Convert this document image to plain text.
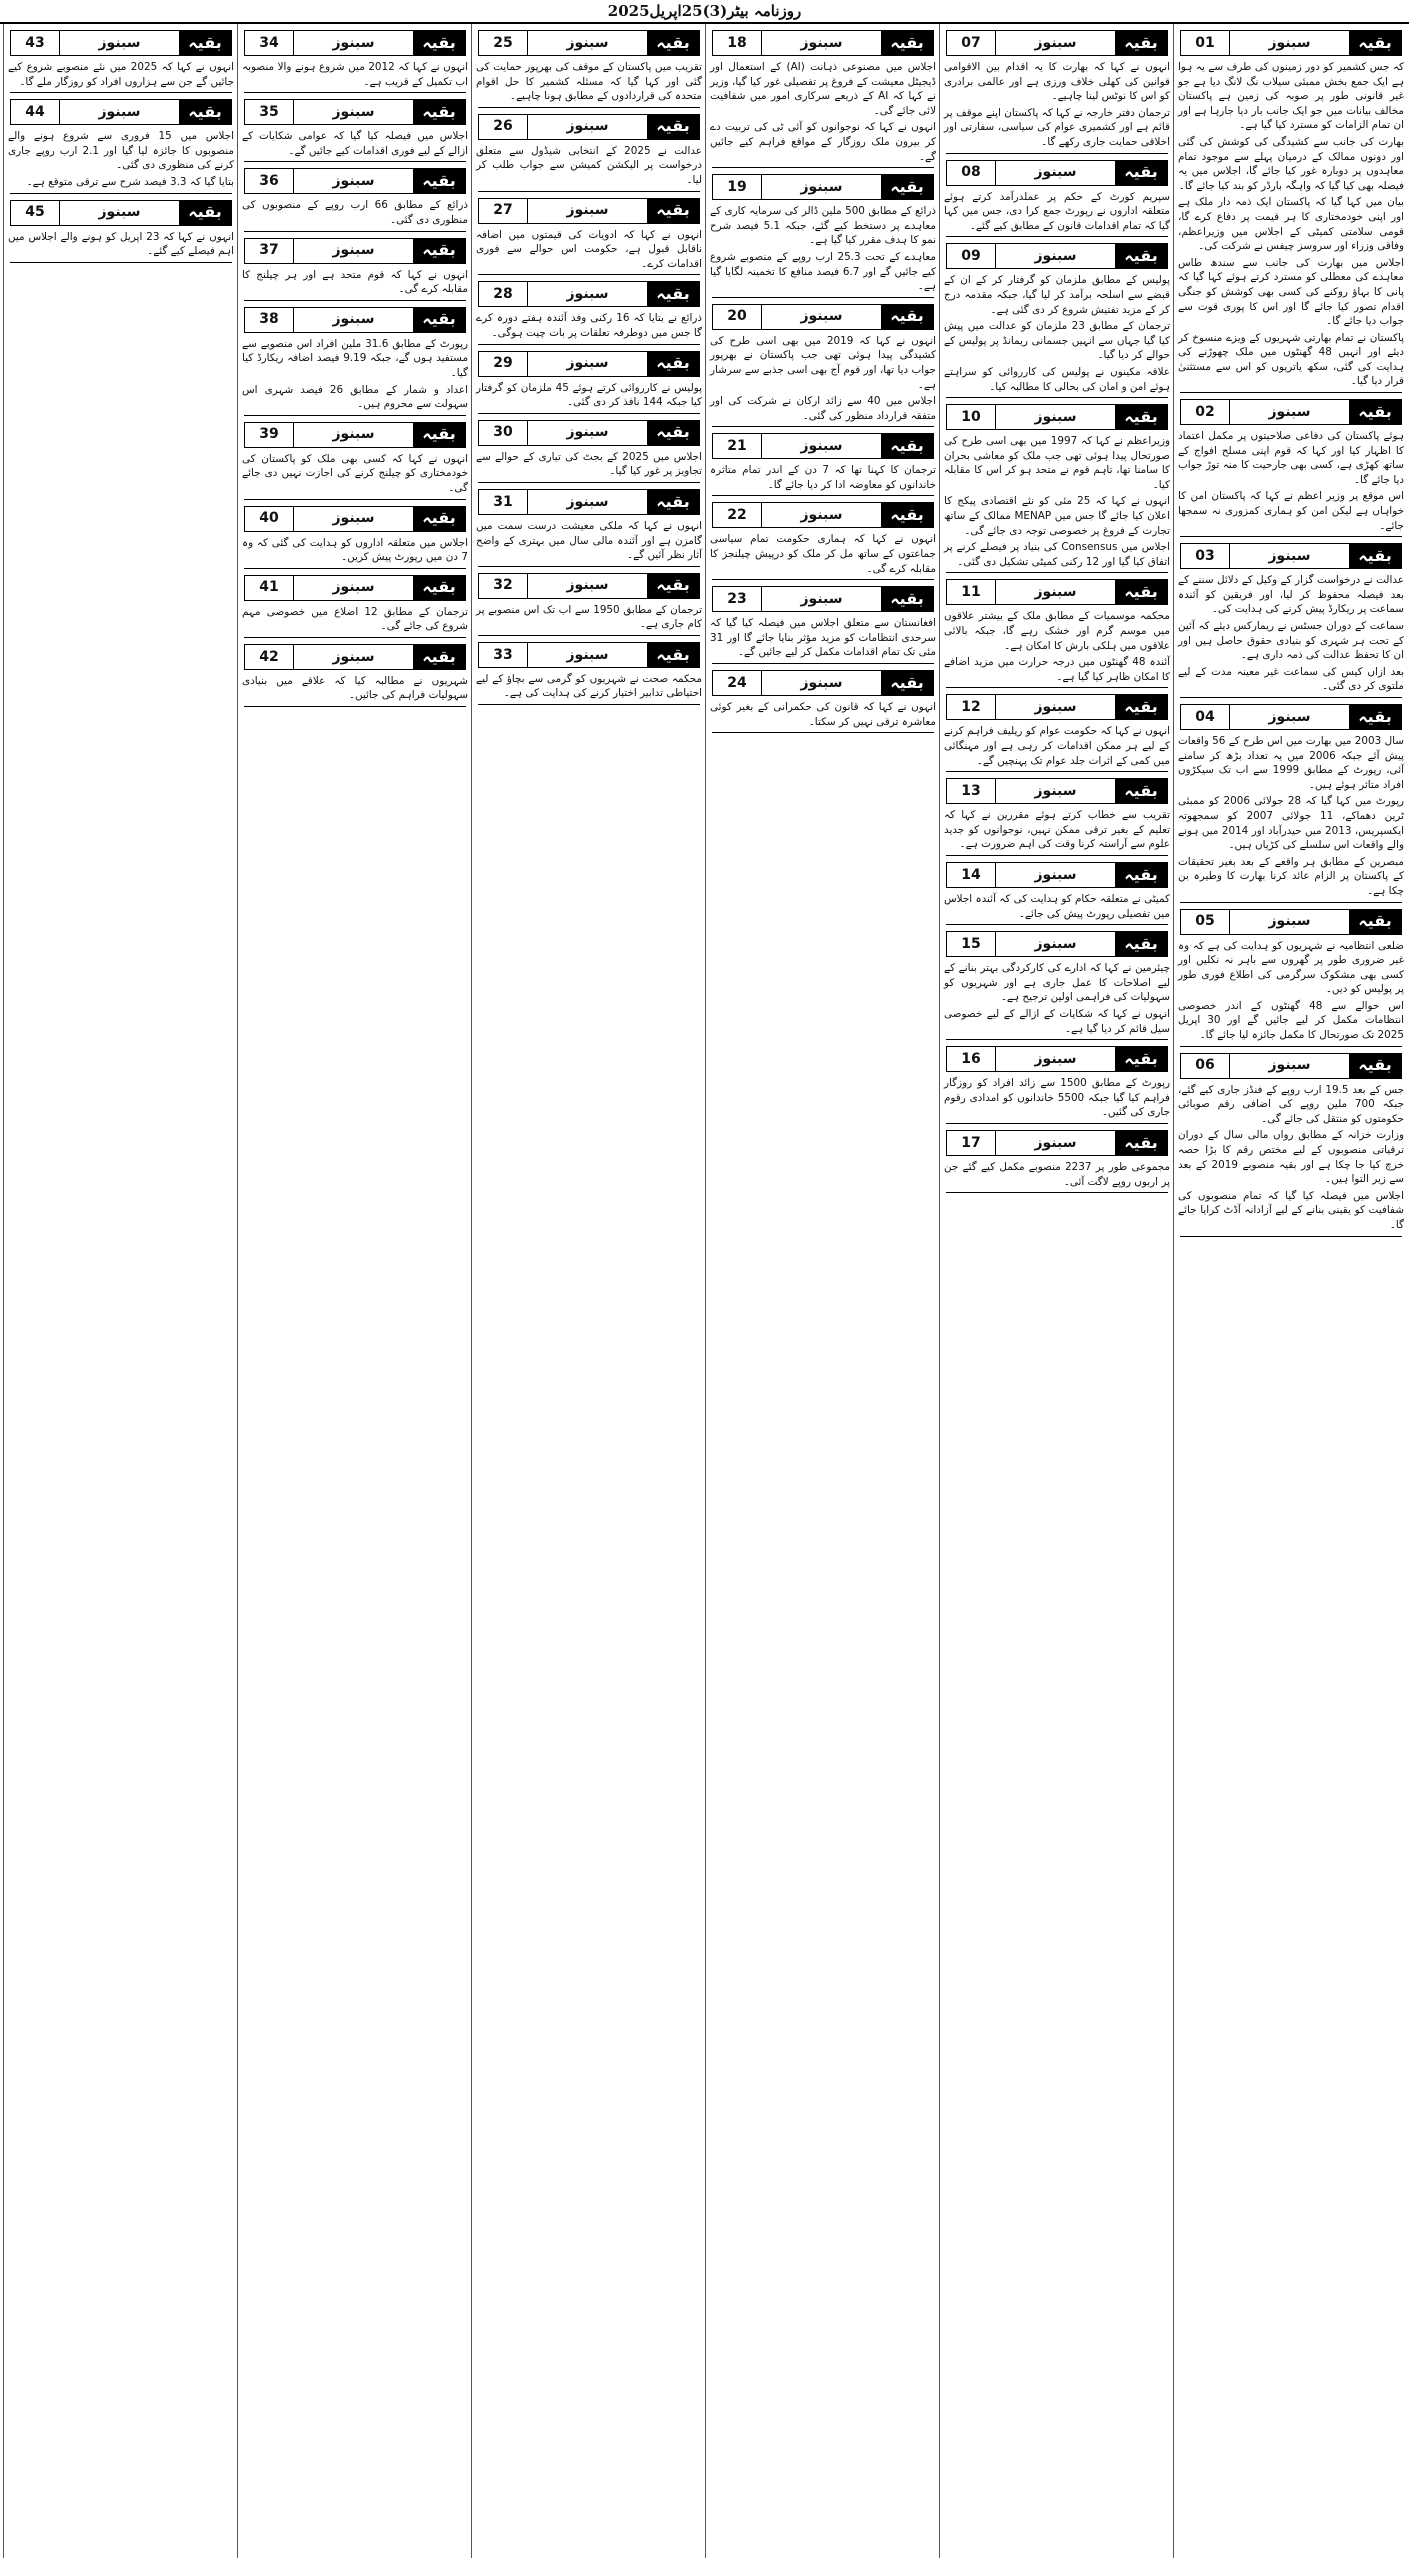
روزنامہ بیٹر(3)25اپریل2025
01	سبنوز	بقیہ

کہ جس کشمیر کو دور زمینوں کی طرف سے یہ ہوا ہے ایک جمع بخش ممبئی سیلاب نگ لانگ دیا ہے جو غیر قانونی طور پر صوبہ کی زمین ہے پاکستان مخالف بیانات میں جو ایک جانب بار دیا جارہا ہے اور ان تمام الزامات کو مسترد کیا گیا ہے۔

بھارت کی جانب سے کشیدگی کی کوشش کی گئی اور دونوں ممالک کے درمیان پہلے سے موجود تمام معاہدوں پر دوبارہ غور کیا جائے گا، اجلاس میں یہ فیصلہ بھی کیا گیا کہ واہگہ بارڈر کو بند کیا جائے گا۔

بیان میں کہا گیا کہ پاکستان ایک ذمہ دار ملک ہے اور اپنی خودمختاری کا ہر قیمت پر دفاع کرے گا، قومی سلامتی کمیٹی کے اجلاس میں وزیراعظم، وفاقی وزراء اور سروسز چیفس نے شرکت کی۔

اجلاس میں بھارت کی جانب سے سندھ طاس معاہدے کی معطلی کو مسترد کرتے ہوئے کہا گیا کہ پانی کا بہاؤ روکنے کی کسی بھی کوشش کو جنگی اقدام تصور کیا جائے گا اور اس کا پوری قوت سے جواب دیا جائے گا۔

پاکستان نے تمام بھارتی شہریوں کے ویزے منسوخ کر دیئے اور انہیں 48 گھنٹوں میں ملک چھوڑنے کی ہدایت کی گئی، سکھ یاتریوں کو اس سے مستثنیٰ قرار دیا گیا۔

02	سبنوز	بقیہ

ہوئے پاکستان کی دفاعی صلاحیتوں پر مکمل اعتماد کا اظہار کیا اور کہا کہ قوم اپنی مسلح افواج کے ساتھ کھڑی ہے، کسی بھی جارحیت کا منہ توڑ جواب دیا جائے گا۔

اس موقع پر وزیر اعظم نے کہا کہ پاکستان امن کا خواہاں ہے لیکن امن کو ہماری کمزوری نہ سمجھا جائے۔

03	سبنوز	بقیہ

عدالت نے درخواست گزار کے وکیل کے دلائل سننے کے بعد فیصلہ محفوظ کر لیا، اور فریقین کو آئندہ سماعت پر ریکارڈ پیش کرنے کی ہدایت کی۔

سماعت کے دوران جسٹس نے ریمارکس دیئے کہ آئین کے تحت ہر شہری کو بنیادی حقوق حاصل ہیں اور ان کا تحفظ عدالت کی ذمہ داری ہے۔

بعد ازاں کیس کی سماعت غیر معینہ مدت کے لیے ملتوی کر دی گئی۔

04	سبنوز	بقیہ

سال 2003 میں بھارت میں اس طرح کے 56 واقعات پیش آئے جبکہ 2006 میں یہ تعداد بڑھ کر سامنے آئی، رپورٹ کے مطابق 1999 سے اب تک سیکڑوں افراد متاثر ہوئے ہیں۔

رپورٹ میں کہا گیا کہ 28 جولائی 2006 کو ممبئی ٹرین دھماکے، 11 جولائی 2007 کو سمجھوتہ ایکسپریس، 2013 میں حیدرآباد اور 2014 میں ہونے والے واقعات اس سلسلے کی کڑیاں ہیں۔

مبصرین کے مطابق ہر واقعے کے بعد بغیر تحقیقات کے پاکستان پر الزام عائد کرنا بھارت کا وطیرہ بن چکا ہے۔

05	سبنوز	بقیہ

ضلعی انتظامیہ نے شہریوں کو ہدایت کی ہے کہ وہ غیر ضروری طور پر گھروں سے باہر نہ نکلیں اور کسی بھی مشکوک سرگرمی کی اطلاع فوری طور پر پولیس کو دیں۔

اس حوالے سے 48 گھنٹوں کے اندر خصوصی انتظامات مکمل کر لیے جائیں گے اور 30 اپریل 2025 تک صورتحال کا مکمل جائزہ لیا جائے گا۔

06	سبنوز	بقیہ

جس کے بعد 19.5 ارب روپے کے فنڈز جاری کیے گئے، جبکہ 700 ملین روپے کی اضافی رقم صوبائی حکومتوں کو منتقل کی جائے گی۔

وزارت خزانہ کے مطابق رواں مالی سال کے دوران ترقیاتی منصوبوں کے لیے مختص رقم کا بڑا حصہ خرچ کیا جا چکا ہے اور بقیہ منصوبے 2019 کے بعد سے زیر التوا ہیں۔

اجلاس میں فیصلہ کیا گیا کہ تمام منصوبوں کی شفافیت کو یقینی بنانے کے لیے آزادانہ آڈٹ کرایا جائے گا۔

07	سبنوز	بقیہ

انہوں نے کہا کہ بھارت کا یہ اقدام بین الاقوامی قوانین کی کھلی خلاف ورزی ہے اور عالمی برادری کو اس کا نوٹس لینا چاہیے۔

ترجمان دفتر خارجہ نے کہا کہ پاکستان اپنے موقف پر قائم ہے اور کشمیری عوام کی سیاسی، سفارتی اور اخلاقی حمایت جاری رکھے گا۔

08	سبنوز	بقیہ

سپریم کورٹ کے حکم پر عملدرآمد کرتے ہوئے متعلقہ اداروں نے رپورٹ جمع کرا دی، جس میں کہا گیا کہ تمام اقدامات قانون کے مطابق کیے گئے۔

09	سبنوز	بقیہ

پولیس کے مطابق ملزمان کو گرفتار کر کے ان کے قبضے سے اسلحہ برآمد کر لیا گیا، جبکہ مقدمہ درج کر کے مزید تفتیش شروع کر دی گئی ہے۔

ترجمان کے مطابق 23 ملزمان کو عدالت میں پیش کیا گیا جہاں سے انہیں جسمانی ریمانڈ پر پولیس کے حوالے کر دیا گیا۔

علاقہ مکینوں نے پولیس کی کارروائی کو سراہتے ہوئے امن و امان کی بحالی کا مطالبہ کیا۔

10	سبنوز	بقیہ

وزیراعظم نے کہا کہ 1997 میں بھی اسی طرح کی صورتحال پیدا ہوئی تھی جب ملک کو معاشی بحران کا سامنا تھا، تاہم قوم نے متحد ہو کر اس کا مقابلہ کیا۔

انہوں نے کہا کہ 25 مئی کو نئے اقتصادی پیکج کا اعلان کیا جائے گا جس میں MENAP ممالک کے ساتھ تجارت کے فروغ پر خصوصی توجہ دی جائے گی۔

اجلاس میں Consensus کی بنیاد پر فیصلے کرنے پر اتفاق کیا گیا اور 12 رکنی کمیٹی تشکیل دی گئی۔

11	سبنوز	بقیہ

محکمہ موسمیات کے مطابق ملک کے بیشتر علاقوں میں موسم گرم اور خشک رہے گا، جبکہ بالائی علاقوں میں ہلکی بارش کا امکان ہے۔

آئندہ 48 گھنٹوں میں درجہ حرارت میں مزید اضافے کا امکان ظاہر کیا گیا ہے۔

12	سبنوز	بقیہ

انہوں نے کہا کہ حکومت عوام کو ریلیف فراہم کرنے کے لیے ہر ممکن اقدامات کر رہی ہے اور مہنگائی میں کمی کے اثرات جلد عوام تک پہنچیں گے۔

13	سبنوز	بقیہ

تقریب سے خطاب کرتے ہوئے مقررین نے کہا کہ تعلیم کے بغیر ترقی ممکن نہیں، نوجوانوں کو جدید علوم سے آراستہ کرنا وقت کی اہم ضرورت ہے۔

14	سبنوز	بقیہ

کمیٹی نے متعلقہ حکام کو ہدایت کی کہ آئندہ اجلاس میں تفصیلی رپورٹ پیش کی جائے۔

15	سبنوز	بقیہ

چیئرمین نے کہا کہ ادارے کی کارکردگی بہتر بنانے کے لیے اصلاحات کا عمل جاری ہے اور شہریوں کو سہولیات کی فراہمی اولین ترجیح ہے۔

انہوں نے کہا کہ شکایات کے ازالے کے لیے خصوصی سیل قائم کر دیا گیا ہے۔

16	سبنوز	بقیہ

رپورٹ کے مطابق 1500 سے زائد افراد کو روزگار فراہم کیا گیا جبکہ 5500 خاندانوں کو امدادی رقوم جاری کی گئیں۔

17	سبنوز	بقیہ

مجموعی طور پر 2237 منصوبے مکمل کیے گئے جن پر اربوں روپے لاگت آئی۔

18	سبنوز	بقیہ

اجلاس میں مصنوعی ذہانت (AI) کے استعمال اور ڈیجیٹل معیشت کے فروغ پر تفصیلی غور کیا گیا، وزیر نے کہا کہ AI کے ذریعے سرکاری امور میں شفافیت لائی جائے گی۔

انہوں نے کہا کہ نوجوانوں کو آئی ٹی کی تربیت دے کر بیرون ملک روزگار کے مواقع فراہم کیے جائیں گے۔

19	سبنوز	بقیہ

ذرائع کے مطابق 500 ملین ڈالر کی سرمایہ کاری کے معاہدے پر دستخط کیے گئے، جبکہ 5.1 فیصد شرح نمو کا ہدف مقرر کیا گیا ہے۔

معاہدے کے تحت 25.3 ارب روپے کے منصوبے شروع کیے جائیں گے اور 6.7 فیصد منافع کا تخمینہ لگایا گیا ہے۔

20	سبنوز	بقیہ

انہوں نے کہا کہ 2019 میں بھی اسی طرح کی کشیدگی پیدا ہوئی تھی جب پاکستان نے بھرپور جواب دیا تھا، اور قوم آج بھی اسی جذبے سے سرشار ہے۔

اجلاس میں 40 سے زائد ارکان نے شرکت کی اور متفقہ قرارداد منظور کی گئی۔

21	سبنوز	بقیہ

ترجمان کا کہنا تھا کہ 7 دن کے اندر تمام متاثرہ خاندانوں کو معاوضہ ادا کر دیا جائے گا۔

22	سبنوز	بقیہ

انہوں نے کہا کہ ہماری حکومت تمام سیاسی جماعتوں کے ساتھ مل کر ملک کو درپیش چیلنجز کا مقابلہ کرے گی۔

23	سبنوز	بقیہ

افغانستان سے متعلق اجلاس میں فیصلہ کیا گیا کہ سرحدی انتظامات کو مزید مؤثر بنایا جائے گا اور 31 مئی تک تمام اقدامات مکمل کر لیے جائیں گے۔

24	سبنوز	بقیہ

انہوں نے کہا کہ قانون کی حکمرانی کے بغیر کوئی معاشرہ ترقی نہیں کر سکتا۔

25	سبنوز	بقیہ

تقریب میں پاکستان کے موقف کی بھرپور حمایت کی گئی اور کہا گیا کہ مسئلہ کشمیر کا حل اقوام متحدہ کی قراردادوں کے مطابق ہونا چاہیے۔

26	سبنوز	بقیہ

عدالت نے 2025 کے انتخابی شیڈول سے متعلق درخواست پر الیکشن کمیشن سے جواب طلب کر لیا۔

27	سبنوز	بقیہ

انہوں نے کہا کہ ادویات کی قیمتوں میں اضافہ ناقابل قبول ہے، حکومت اس حوالے سے فوری اقدامات کرے۔

28	سبنوز	بقیہ

ذرائع نے بتایا کہ 16 رکنی وفد آئندہ ہفتے دورہ کرے گا جس میں دوطرفہ تعلقات پر بات چیت ہوگی۔

29	سبنوز	بقیہ

پولیس نے کارروائی کرتے ہوئے 45 ملزمان کو گرفتار کیا جبکہ 144 نافذ کر دی گئی۔

30	سبنوز	بقیہ

اجلاس میں 2025 کے بجٹ کی تیاری کے حوالے سے تجاویز پر غور کیا گیا۔

31	سبنوز	بقیہ

انہوں نے کہا کہ ملکی معیشت درست سمت میں گامزن ہے اور آئندہ مالی سال میں بہتری کے واضح آثار نظر آئیں گے۔

32	سبنوز	بقیہ

ترجمان کے مطابق 1950 سے اب تک اس منصوبے پر کام جاری ہے۔

33	سبنوز	بقیہ

محکمہ صحت نے شہریوں کو گرمی سے بچاؤ کے لیے احتیاطی تدابیر اختیار کرنے کی ہدایت کی ہے۔

34	سبنوز	بقیہ

انہوں نے کہا کہ 2012 میں شروع ہونے والا منصوبہ اب تکمیل کے قریب ہے۔

35	سبنوز	بقیہ

اجلاس میں فیصلہ کیا گیا کہ عوامی شکایات کے ازالے کے لیے فوری اقدامات کیے جائیں گے۔

36	سبنوز	بقیہ

ذرائع کے مطابق 66 ارب روپے کے منصوبوں کی منظوری دی گئی۔

37	سبنوز	بقیہ

انہوں نے کہا کہ قوم متحد ہے اور ہر چیلنج کا مقابلہ کرے گی۔

38	سبنوز	بقیہ

رپورٹ کے مطابق 31.6 ملین افراد اس منصوبے سے مستفید ہوں گے، جبکہ 9.19 فیصد اضافہ ریکارڈ کیا گیا۔

اعداد و شمار کے مطابق 26 فیصد شہری اس سہولت سے محروم ہیں۔

39	سبنوز	بقیہ

انہوں نے کہا کہ کسی بھی ملک کو پاکستان کی خودمختاری کو چیلنج کرنے کی اجازت نہیں دی جائے گی۔

40	سبنوز	بقیہ

اجلاس میں متعلقہ اداروں کو ہدایت کی گئی کہ وہ 7 دن میں رپورٹ پیش کریں۔

41	سبنوز	بقیہ

ترجمان کے مطابق 12 اضلاع میں خصوصی مہم شروع کی جائے گی۔

42	سبنوز	بقیہ

شہریوں نے مطالبہ کیا کہ علاقے میں بنیادی سہولیات فراہم کی جائیں۔

43	سبنوز	بقیہ

انہوں نے کہا کہ 2025 میں نئے منصوبے شروع کیے جائیں گے جن سے ہزاروں افراد کو روزگار ملے گا۔

44	سبنوز	بقیہ

اجلاس میں 15 فروری سے شروع ہونے والے منصوبوں کا جائزہ لیا گیا اور 2.1 ارب روپے جاری کرنے کی منظوری دی گئی۔

بتایا گیا کہ 3.3 فیصد شرح سے ترقی متوقع ہے۔

45	سبنوز	بقیہ

انہوں نے کہا کہ 23 اپریل کو ہونے والے اجلاس میں اہم فیصلے کیے گئے۔
